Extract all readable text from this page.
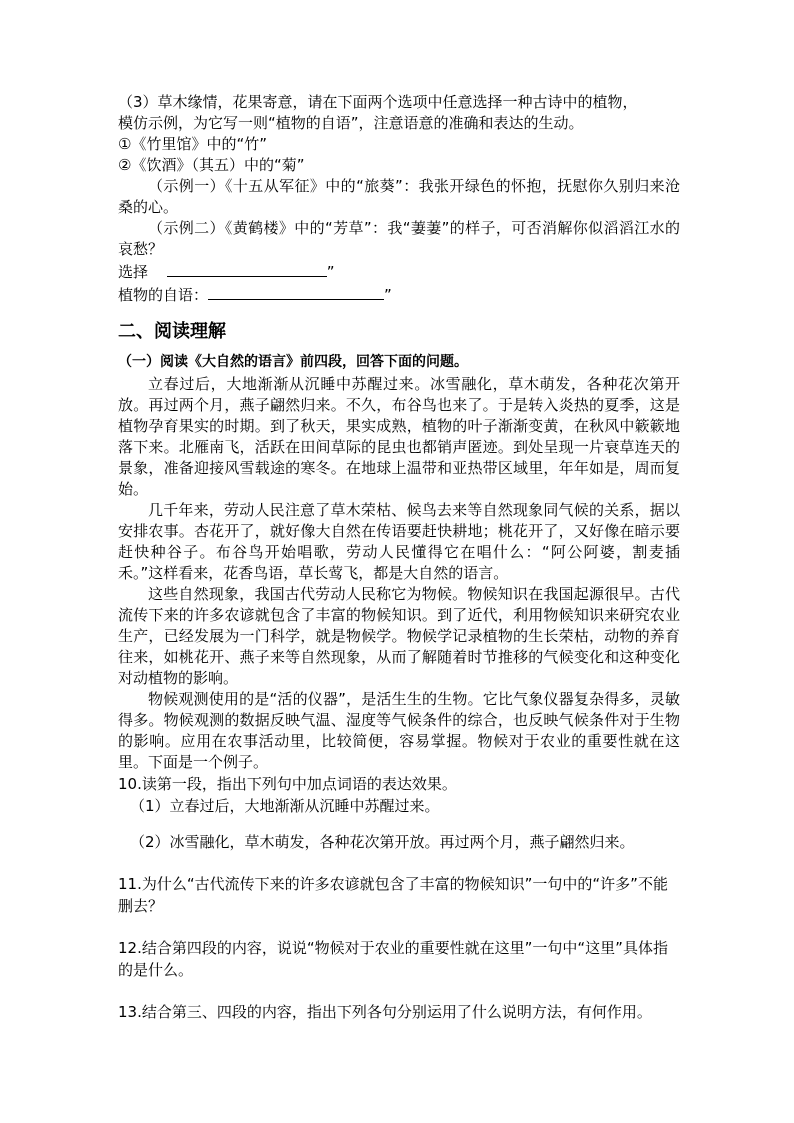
（3）草木缘情，花果寄意，请在下面两个选项中任意选择一种古诗中的植物，

模仿示例，为它写一则“植物的自语”，注意语意的准确和表达的生动。

①《竹里馆》中的“竹”

②《饮酒》（其五）中的“菊”

（示例一）《十五从军征》中的“旅葵”：我张开绿色的怀抱，抚慰你久别归来沧桑的心。

（示例二）《黄鹤楼》中的“芳草”：我“萋萋”的样子，可否消解你似滔滔江水的哀愁？

选择	”

植物的自语：	”

二、阅读理解
（一）阅读《大自然的语言》前四段，回答下面的问题。

立春过后，大地渐渐从沉睡中苏醒过来。冰雪融化，草木萌发，各种花次第开放。再过两个月，燕子翩然归来。不久，布谷鸟也来了。于是转入炎热的夏季，这是植物孕育果实的时期。到了秋天，果实成熟，植物的叶子渐渐变黄，在秋风中簌簌地落下来。北雁南飞，活跃在田间草际的昆虫也都销声匿迹。到处呈现一片衰草连天的景象，准备迎接风雪载途的寒冬。在地球上温带和亚热带区域里，年年如是，周而复始。

几千年来，劳动人民注意了草木荣枯、候鸟去来等自然现象同气候的关系，据以安排农事。杏花开了，就好像大自然在传语要赶快耕地；桃花开了，又好像在暗示要赶快种谷子。布谷鸟开始唱歌，劳动人民懂得它在唱什么：“阿公阿婆，割麦插禾。”这样看来，花香鸟语，草长莺飞，都是大自然的语言。

这些自然现象，我国古代劳动人民称它为物候。物候知识在我国起源很早。古代流传下来的许多农谚就包含了丰富的物候知识。到了近代，利用物候知识来研究农业生产，已经发展为一门科学，就是物候学。物候学记录植物的生长荣枯，动物的养育往来，如桃花开、燕子来等自然现象，从而了解随着时节推移的气候变化和这种变化对动植物的影响。

物候观测使用的是“活的仪器”，是活生生的生物。它比气象仪器复杂得多，灵敏得多。物候观测的数据反映气温、湿度等气候条件的综合，也反映气候条件对于生物的影响。应用在农事活动里，比较简便，容易掌握。物候对于农业的重要性就在这里。下面是一个例子。

10.读第一段，指出下列句中加点词语的表达效果。

（1）立春过后，大地渐渐从沉睡中苏醒过来。

（2）冰雪融化，草木萌发，各种花次第开放。再过两个月，燕子翩然归来。

11.为什么“古代流传下来的许多农谚就包含了丰富的物候知识”一句中的“许多”不能删去？

12.结合第四段的内容，说说“物候对于农业的重要性就在这里”一句中“这里”具体指的是什么。

13.结合第三、四段的内容，指出下列各句分别运用了什么说明方法，有何作用。
